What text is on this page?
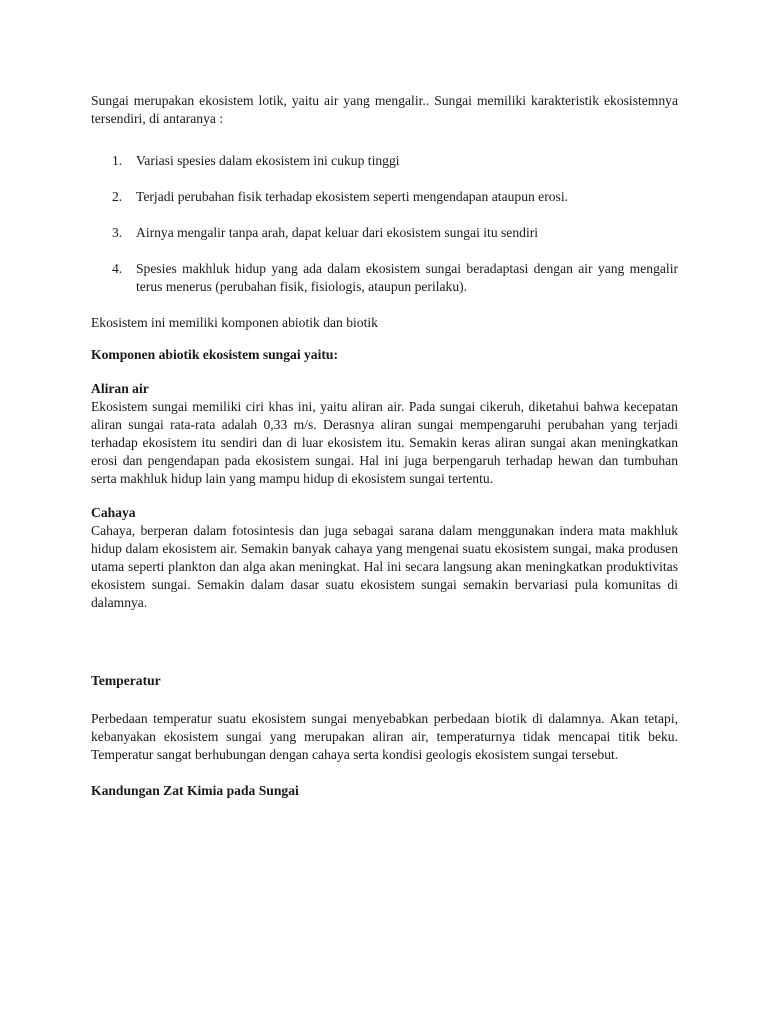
Sungai merupakan ekosistem lotik, yaitu air yang mengalir.. Sungai memiliki karakteristik ekosistemnya tersendiri, di antaranya :

1. Variasi spesies dalam ekosistem ini cukup tinggi
2. Terjadi perubahan fisik terhadap ekosistem seperti mengendapan ataupun erosi.
3. Airnya mengalir tanpa arah, dapat keluar dari ekosistem sungai itu sendiri
4. Spesies makhluk hidup yang ada dalam ekosistem sungai beradaptasi dengan air yang mengalir terus menerus (perubahan fisik, fisiologis, ataupun perilaku).

Ekosistem ini memiliki komponen abiotik dan biotik

Komponen abiotik ekosistem sungai yaitu:

Aliran air

Ekosistem sungai memiliki ciri khas ini, yaitu aliran air. Pada sungai cikeruh, diketahui bahwa kecepatan aliran sungai rata-rata adalah 0,33 m/s. Derasnya aliran sungai mempengaruhi perubahan yang terjadi terhadap ekosistem itu sendiri dan di luar ekosistem itu. Semakin keras aliran sungai akan meningkatkan erosi dan pengendapan pada ekosistem sungai. Hal ini juga berpengaruh terhadap hewan dan tumbuhan serta makhluk hidup lain yang mampu hidup di ekosistem sungai tertentu.

Cahaya

Cahaya, berperan dalam fotosintesis dan juga sebagai sarana dalam menggunakan indera mata makhluk hidup dalam ekosistem air. Semakin banyak cahaya yang mengenai suatu ekosistem sungai, maka produsen utama seperti plankton dan alga akan meningkat. Hal ini secara langsung akan meningkatkan produktivitas ekosistem sungai. Semakin dalam dasar suatu ekosistem sungai semakin bervariasi pula komunitas di dalamnya.

Temperatur

Perbedaan temperatur suatu ekosistem sungai menyebabkan perbedaan biotik di dalamnya. Akan tetapi, kebanyakan ekosistem sungai yang merupakan aliran air, temperaturnya tidak mencapai titik beku. Temperatur sangat berhubungan dengan cahaya serta kondisi geologis ekosistem sungai tersebut.

Kandungan Zat Kimia pada Sungai
